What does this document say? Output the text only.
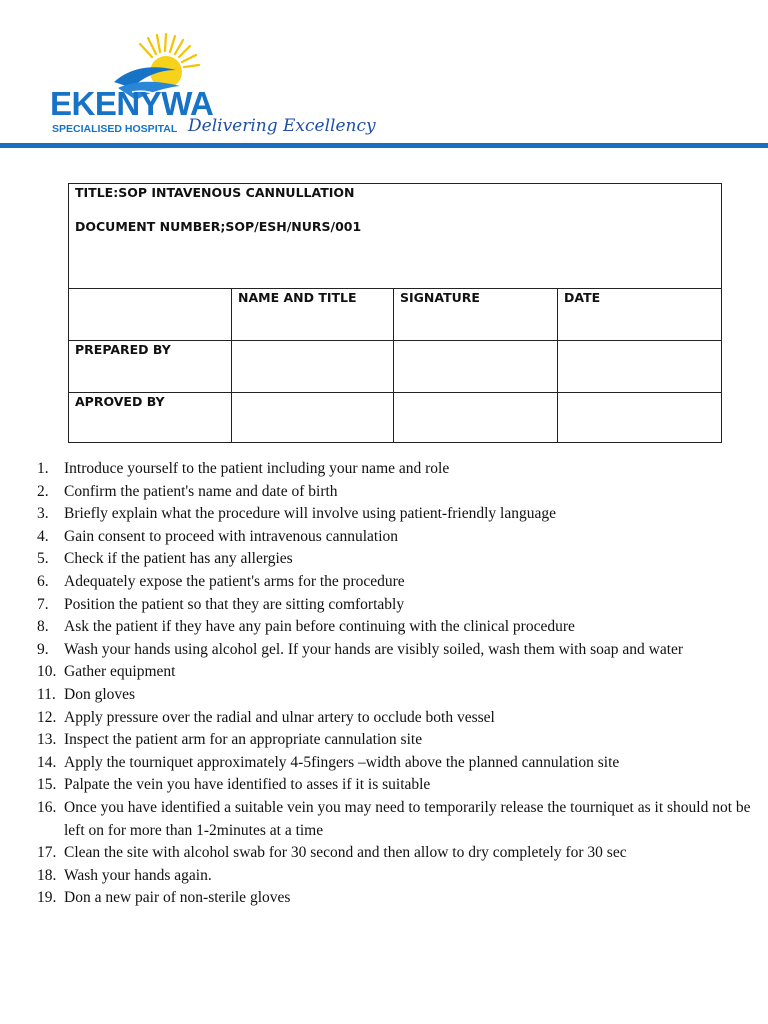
EKENYWA
SPECIALISED HOSPITAL Delivering Excellency
TITLE:SOP INTAVENOUS CANNULLATION
DOCUMENT NUMBER;SOP/ESH/NURS/001			

	NAME AND TITLE	SIGNATURE	DATE
PREPARED BY			
APROVED BY			
1. Introduce yourself to the patient including your name and role
2. Confirm the patient's name and date of birth
3. Briefly explain what the procedure will involve using patient-friendly language
4. Gain consent to proceed with intravenous cannulation
5. Check if the patient has any allergies
6. Adequately expose the patient's arms for the procedure
7. Position the patient so that they are sitting comfortably
8. Ask the patient if they have any pain before continuing with the clinical procedure
9. Wash your hands using alcohol gel. If your hands are visibly soiled, wash them with soap and water
10. Gather equipment
11. Don gloves
12. Apply pressure over the radial and ulnar artery to occlude both vessel
13. Inspect the patient arm for an appropriate cannulation site
14. Apply the tourniquet approximately 4-5fingers –width above the planned cannulation site
15. Palpate the vein you have identified to asses if it is suitable
16. Once you have identified a suitable vein you may need to temporarily release the tourniquet as it should not be left on for more than 1-2minutes at a time
17. Clean the site with alcohol swab for 30 second and then allow to dry completely for 30 sec
18. Wash your hands again.
19. Don a new pair of non-sterile gloves
